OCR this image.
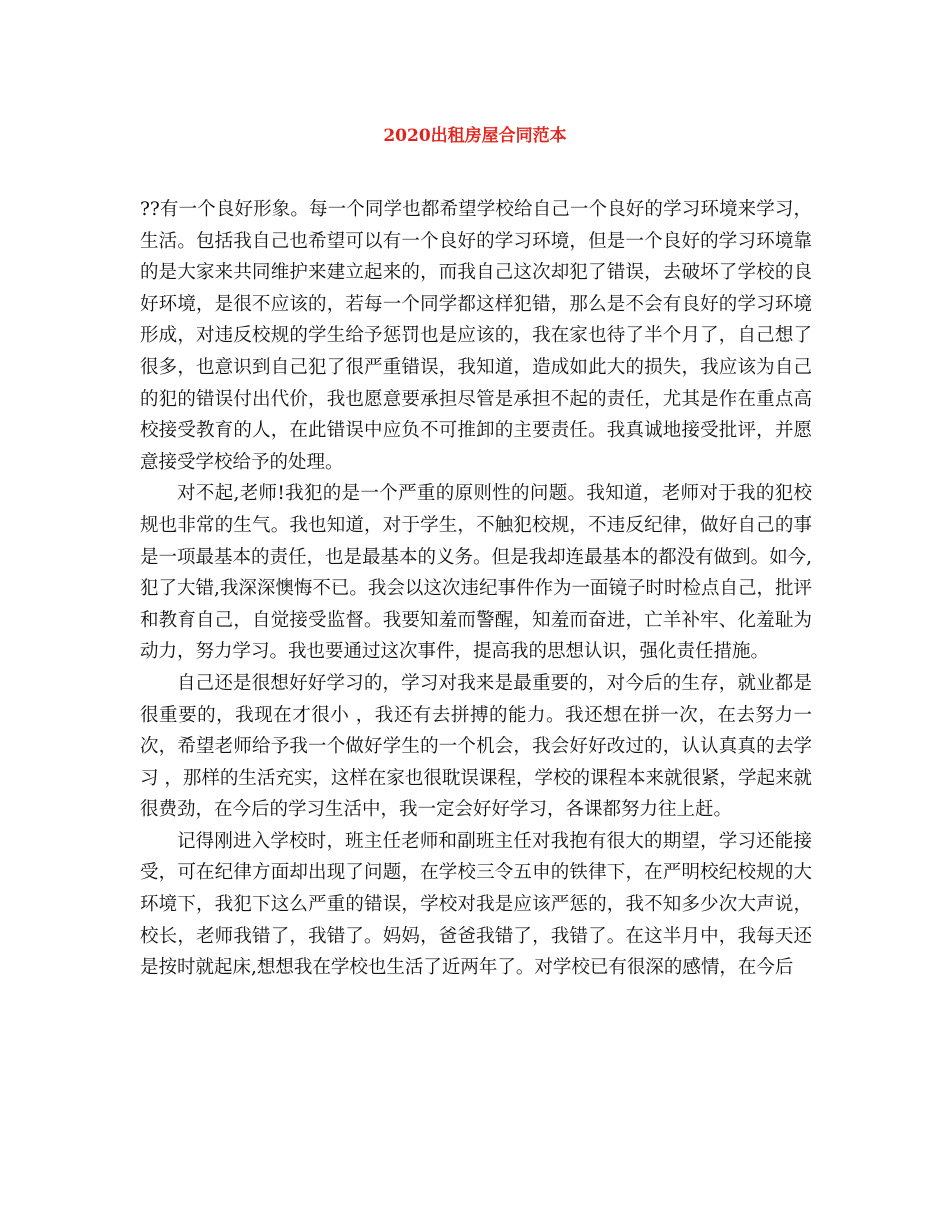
2020出租房屋合同范本

??有一个良好形象。每一个同学也都希望学校给自己一个良好的学习环境来学习，生活。包括我自己也希望可以有一个良好的学习环境，但是一个良好的学习环境靠的是大家来共同维护来建立起来的，而我自己这次却犯了错误，去破坏了学校的良好环境，是很不应该的，若每一个同学都这样犯错，那么是不会有良好的学习环境形成，对违反校规的学生给予惩罚也是应该的，我在家也待了半个月了，自己想了很多，也意识到自己犯了很严重错误，我知道，造成如此大的损失，我应该为自己的犯的错误付出代价，我也愿意要承担尽管是承担不起的责任，尤其是作在重点高校接受教育的人，在此错误中应负不可推卸的主要责任。我真诚地接受批评，并愿意接受学校给予的处理。

对不起,老师!我犯的是一个严重的原则性的问题。我知道，老师对于我的犯校规也非常的生气。我也知道，对于学生，不触犯校规，不违反纪律，做好自己的事是一项最基本的责任，也是最基本的义务。但是我却连最基本的都没有做到。如今,犯了大错,我深深懊悔不已。我会以这次违纪事件作为一面镜子时时检点自己，批评和教育自己，自觉接受监督。我要知羞而警醒，知羞而奋进，亡羊补牢、化羞耻为动力，努力学习。我也要通过这次事件，提高我的思想认识，强化责任措施。

自己还是很想好好学习的，学习对我来是最重要的，对今后的生存，就业都是很重要的，我现在才很小 ，我还有去拼搏的能力。我还想在拼一次，在去努力一次，希望老师给予我一个做好学生的一个机会，我会好好改过的，认认真真的去学习 ，那样的生活充实，这样在家也很耽误课程，学校的课程本来就很紧，学起来就很费劲，在今后的学习生活中，我一定会好好学习，各课都努力往上赶。

记得刚进入学校时，班主任老师和副班主任对我抱有很大的期望，学习还能接受，可在纪律方面却出现了问题，在学校三令五申的铁律下，在严明校纪校规的大环境下，我犯下这么严重的错误，学校对我是应该严惩的，我不知多少次大声说，校长，老师我错了，我错了。妈妈，爸爸我错了，我错了。在这半月中，我每天还是按时就起床,想想我在学校也生活了近两年了。对学校已有很深的感情，在今后
